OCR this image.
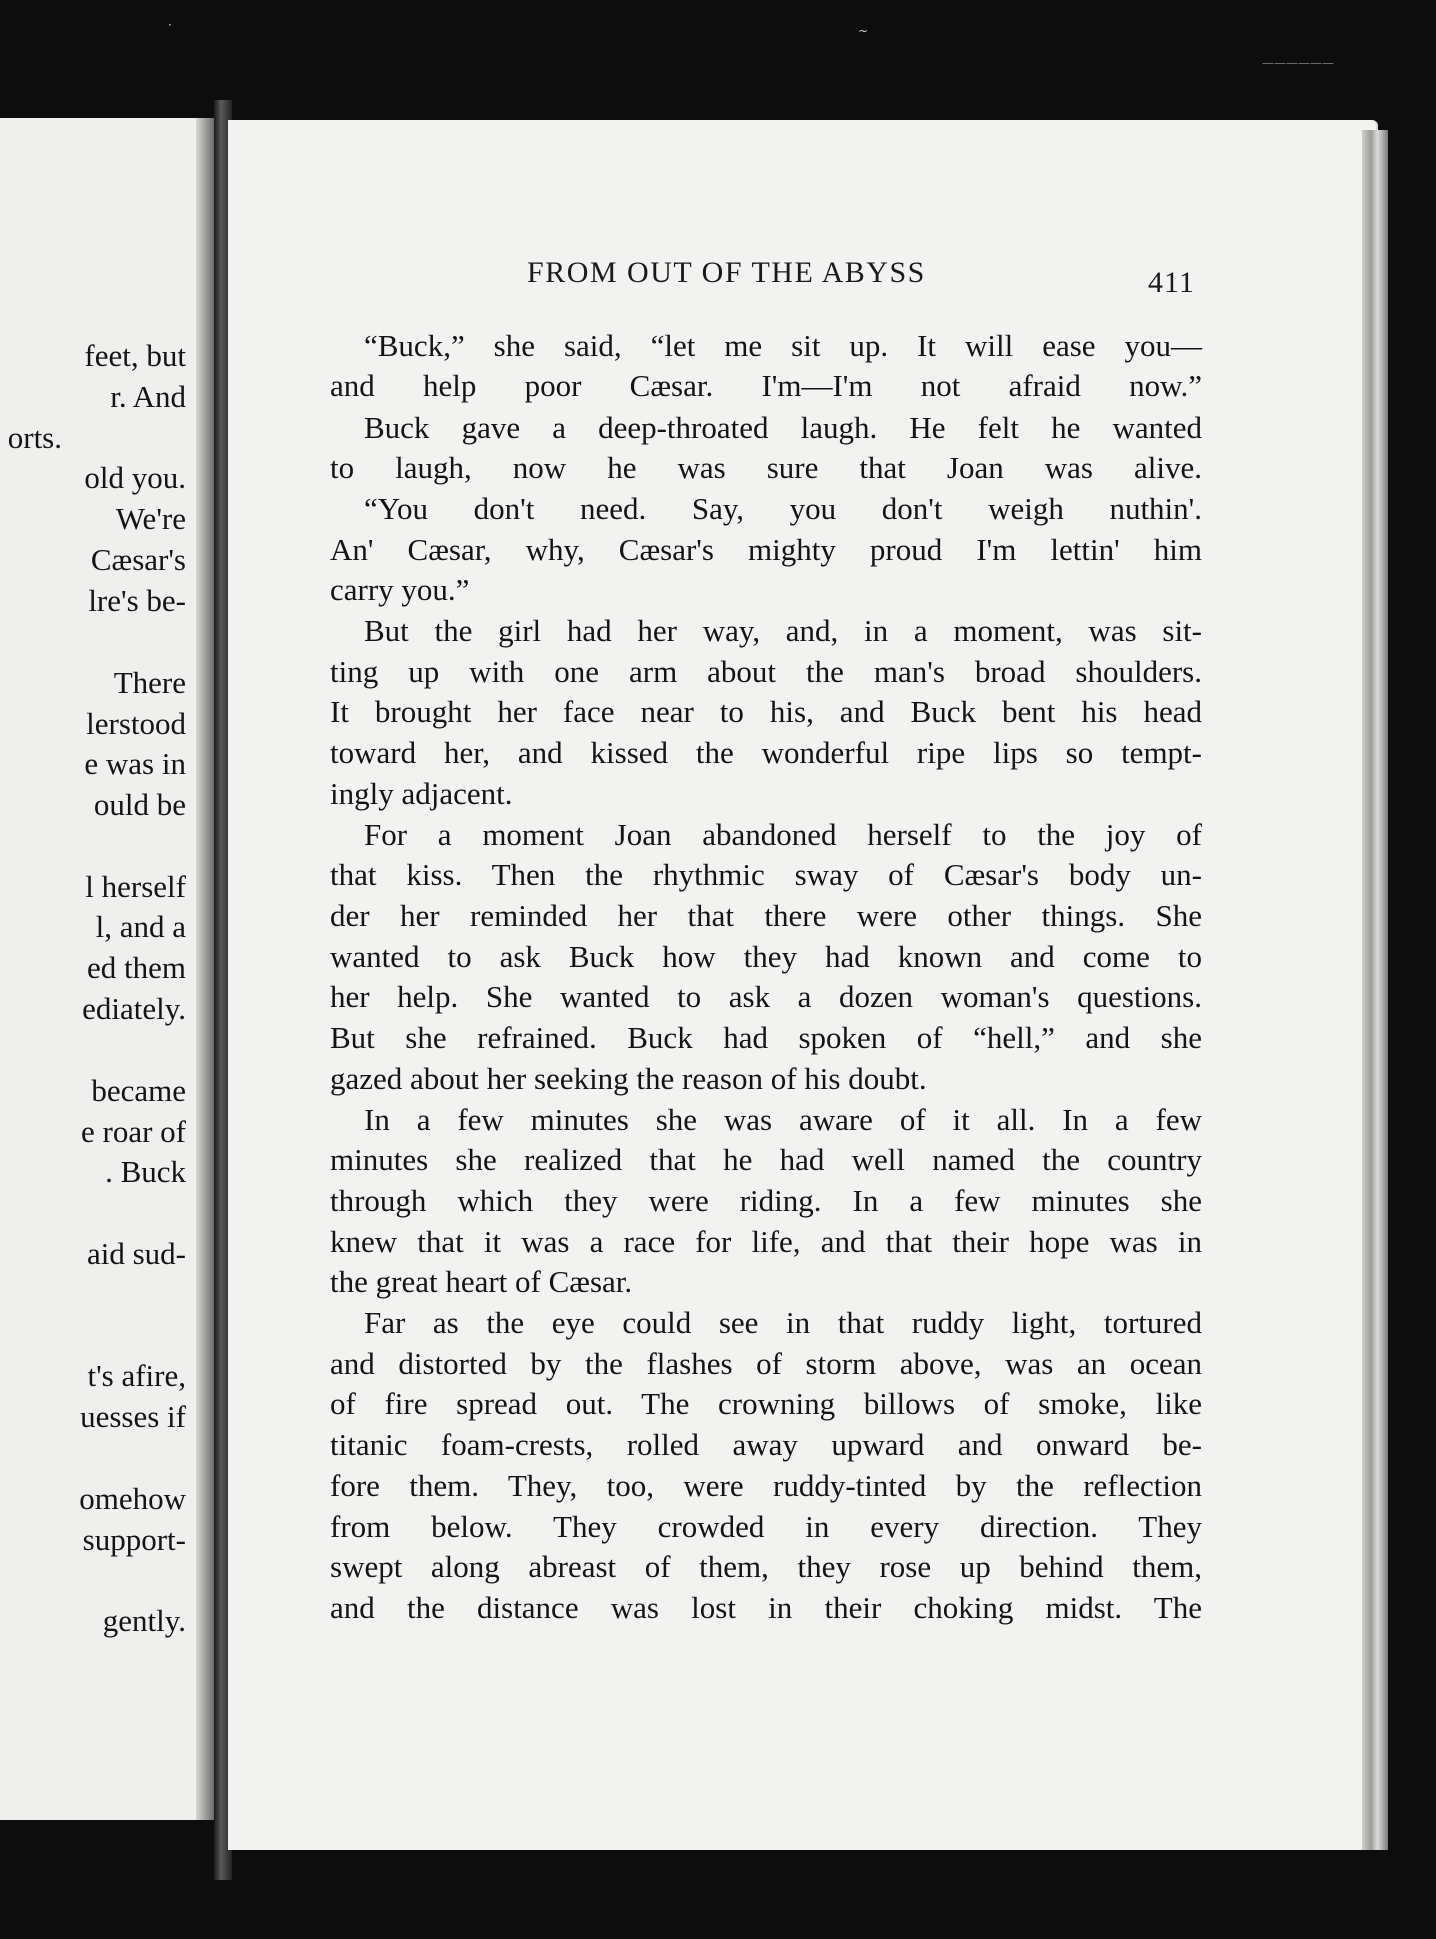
feet, but
r. And
orts.
old you.
We're
Cæsar's
lre's be-
There
lerstood
e was in
ould be
l herself
l, and a
ed them
ediately.
became
e roar of
. Buck
aid sud-
t's afire,
uesses if
omehow
support-
gently.
FROM OUT OF THE ABYSS	411
“Buck,” she said, “let me sit up. It will ease you—
and help poor Cæsar. I'm—I'm not afraid now.”
Buck gave a deep-throated laugh. He felt he wanted
to laugh, now he was sure that Joan was alive.
“You don't need. Say, you don't weigh nuthin'.
An' Cæsar, why, Cæsar's mighty proud I'm lettin' him
carry you.”
But the girl had her way, and, in a moment, was sit-
ting up with one arm about the man's broad shoulders.
It brought her face near to his, and Buck bent his head
toward her, and kissed the wonderful ripe lips so tempt-
ingly adjacent.
For a moment Joan abandoned herself to the joy of
that kiss. Then the rhythmic sway of Cæsar's body un-
der her reminded her that there were other things. She
wanted to ask Buck how they had known and come to
her help. She wanted to ask a dozen woman's questions.
But she refrained. Buck had spoken of “hell,” and she
gazed about her seeking the reason of his doubt.
In a few minutes she was aware of it all. In a few
minutes she realized that he had well named the country
through which they were riding. In a few minutes she
knew that it was a race for life, and that their hope was in
the great heart of Cæsar.
Far as the eye could see in that ruddy light, tortured
and distorted by the flashes of storm above, was an ocean
of fire spread out. The crowning billows of smoke, like
titanic foam-crests, rolled away upward and onward be-
fore them. They, too, were ruddy-tinted by the reflection
from below. They crowded in every direction. They
swept along abreast of them, they rose up behind them,
and the distance was lost in their choking midst. The
·	~
——————
